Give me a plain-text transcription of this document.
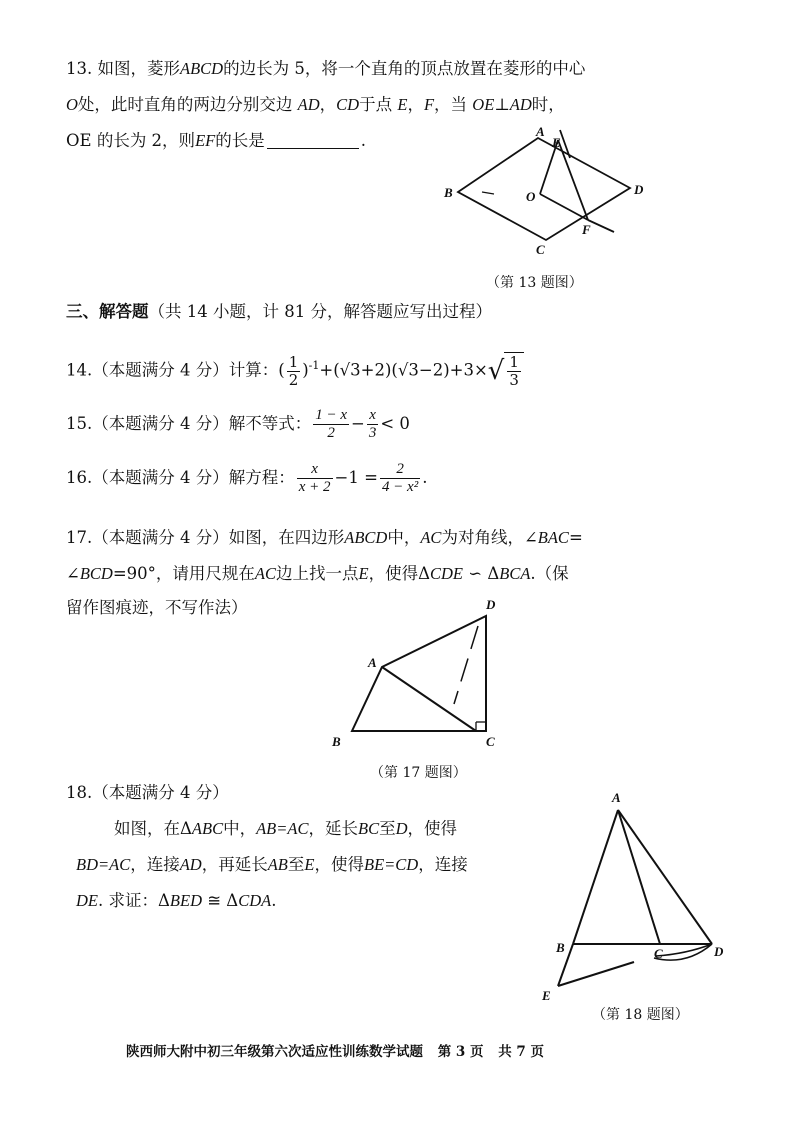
13. 如图，菱形ABCD的边长为 5，将一个直角的顶点放置在菱形的中心
O处，此时直角的两边分别交边 AD，CD于点 E，F，当 OE⊥AD时，
OE 的长为 2，则EF的长是	.
B
A
E
O	D
F
C
（第 13 题图）
三、解答题（共 14 小题，计 81 分，解答题应写出过程）
14.（本题满分 4 分）计算：( $\frac{1}{2} )^{-1}+(√3+2)(√3-2)+3\times√ \frac{1}{3}$
15.（本题满分 4 分）解不等式： $\frac{1 - x}{2} - \frac{x}{3} < 0$
16.（本题满分 4 分）解方程： $\frac{x}{x + 2} -1 = \frac{2}{\text{4 − x²}}$ .
17.（本题满分 4 分）如图，在四边形ABCD中，AC为对角线，∠BAC=
∠BCD=90°，请用尺规在AC边上找一点E，使得ΔCDE ∽ ΔBCA.（保
留作图痕迹，不写作法）	D
A
B	C
（第 17 题图）
18.（本题满分 4 分）
如图，在ΔABC中，AB=AC，延长BC至D，使得
BD=AC，连接AD，再延长AB至E，使得BE=CD，连接
DE. 求证：ΔBED ≅ ΔCDA.
A
B	C	D
E
（第 18 题图）
陕西师大附中初三年级第六次适应性训练数学试题 第 3 页 共 7 页
